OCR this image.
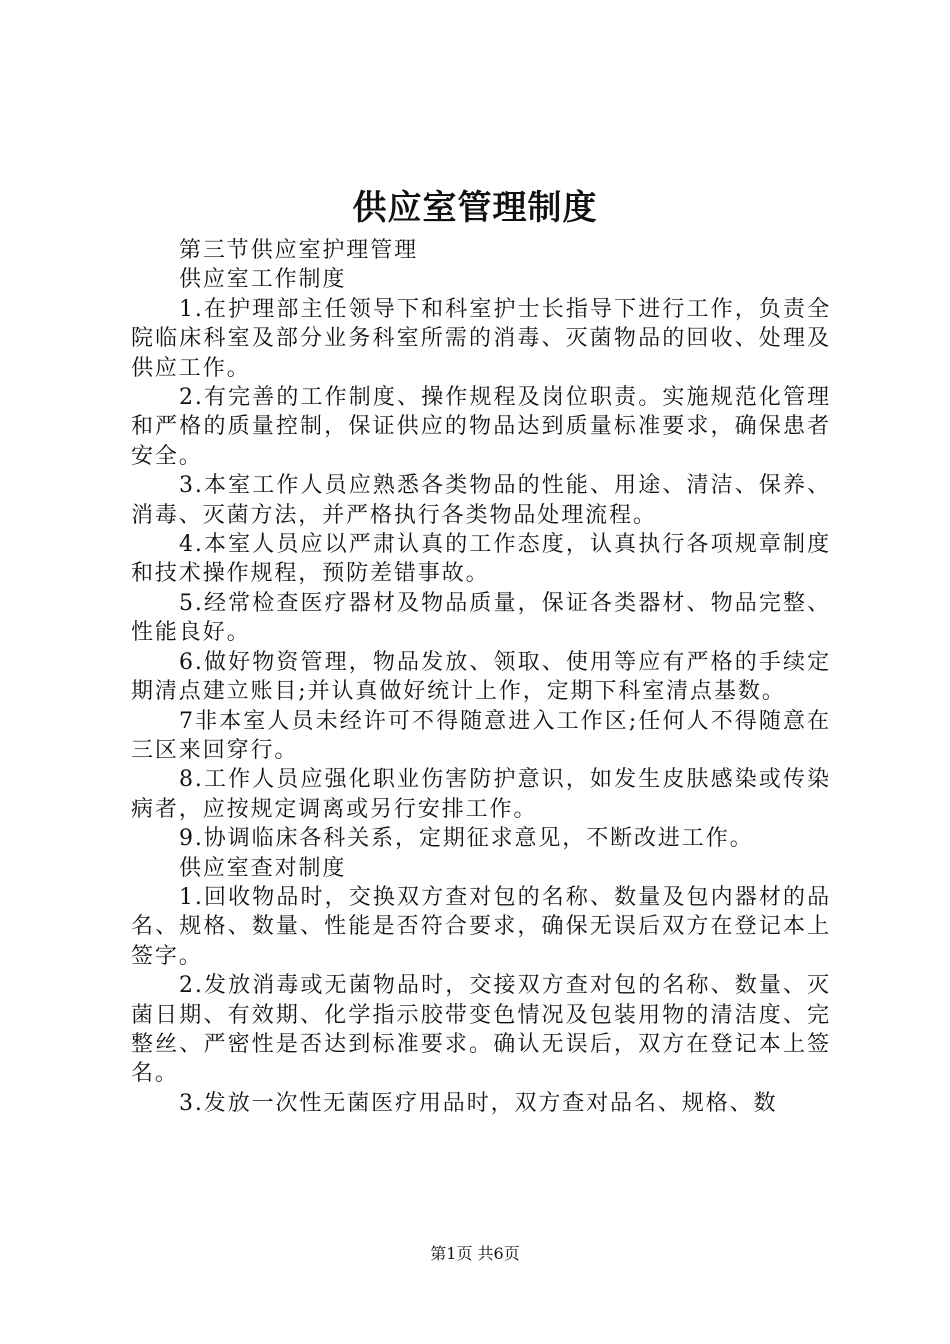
供应室管理制度

第三节供应室护理管理

供应室工作制度

1.在护理部主任领导下和科室护士长指导下进行工作，负责全院临床科室及部分业务科室所需的消毒、灭菌物品的回收、处理及供应工作。

2.有完善的工作制度、操作规程及岗位职责。实施规范化管理和严格的质量控制，保证供应的物品达到质量标准要求，确保患者安全。

3.本室工作人员应熟悉各类物品的性能、用途、清洁、保养、消毒、灭菌方法，并严格执行各类物品处理流程。

4.本室人员应以严肃认真的工作态度，认真执行各项规章制度和技术操作规程，预防差错事故。

5.经常检查医疗器材及物品质量，保证各类器材、物品完整、性能良好。

6.做好物资管理，物品发放、领取、使用等应有严格的手续定期清点建立账目;并认真做好统计上作，定期下科室清点基数。

7非本室人员未经许可不得随意进入工作区;任何人不得随意在三区来回穿行。

8.工作人员应强化职业伤害防护意识，如发生皮肤感染或传染病者，应按规定调离或另行安排工作。

9.协调临床各科关系，定期征求意见，不断改进工作。

供应室查对制度

1.回收物品时，交换双方查对包的名称、数量及包内器材的品名、规格、数量、性能是否符合要求，确保无误后双方在登记本上签字。

2.发放消毒或无菌物品时，交接双方查对包的名称、数量、灭菌日期、有效期、化学指示胶带变色情况及包装用物的清洁度、完整丝、严密性是否达到标准要求。确认无误后，双方在登记本上签名。

3.发放一次性无菌医疗用品时，双方查对品名、规格、数

第1页 共6页
